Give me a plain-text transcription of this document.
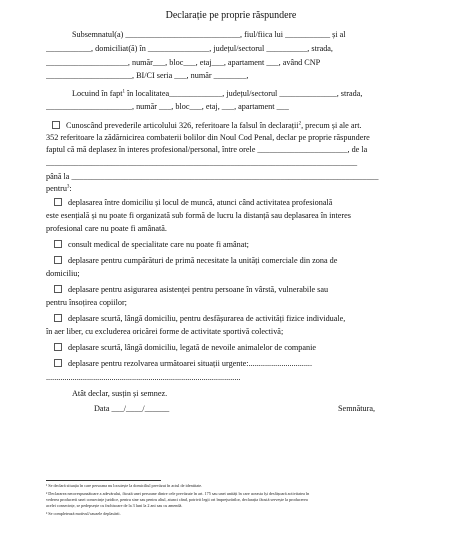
Declarație pe proprie răspundere
Subsemnatul(a) ____________________________, fiul/fiica lui ___________ și al
___________, domiciliat(ă) în _______________, județul/sectorul __________, strada,
____________________, număr___, bloc___, etaj___, apartament ___, având CNP
_____________________, BI/CI seria ___, număr ________,
Locuind în fapt$^1$ în localitatea_____________, județul/sectorul ______________, strada,
_____________________, număr ___, bloc___, etaj, ___, apartament ___
Cunoscând prevederile articolului 326, referitoare la falsul în declarații$^2$, precum și ale art.
352 referitoare la zădărnicirea combaterii bolilor din Noul Cod Penal, declar pe proprie răspundere
faptul că mă deplasez în interes profesional/personal, între orele ______________________, de la
____________________________________________________________________________
până la ___________________________________________________________________________
pentru$^3$:
deplasarea între domiciliu și locul de muncă, atunci când activitatea profesională
este esențială și nu poate fi organizată sub formă de lucru la distanță sau deplasarea în interes
profesional care nu poate fi amânată.
consult medical de specialitate care nu poate fi amânat;
deplasare pentru cumpărături de primă necesitate la unități comerciale din zona de
domiciliu;
deplasare pentru asigurarea asistenței pentru persoane în vârstă, vulnerabile sau
pentru însoțirea copiilor;
deplasare scurtă, lângă domiciliu, pentru desfășurarea de activități fizice individuale,
în aer liber, cu excluderea oricărei forme de activitate sportivă colectivă;
deplasare scurtă, lângă domiciliu, legată de nevoile animalelor de companie
deplasare pentru rezolvarea următoarei situații urgente:...............................
...............................................................................................
Atât declar, susțin și semnez.
Data ___/____/______	Semnătura,
¹ Se declară situația în care persoana nu locuiește la domiciliul prevăzut în actul de identitate.
² Declararea necorespunzătoare a adevărului, făcută unei persoane dintre cele prevăzute în art. 175 sau unei unități în care aceasta își desfășoară activitatea în
vederea producerii unei consecințe juridice, pentru sine sau pentru altul, atunci când, potrivit legii ori împrejurărilor, declarația făcută servește la producerea
acelei consecințe, se pedepsește cu închisoare de la 3 luni la 2 ani sau cu amendă.
³ Se completează motivul/cauzele deplasării.
